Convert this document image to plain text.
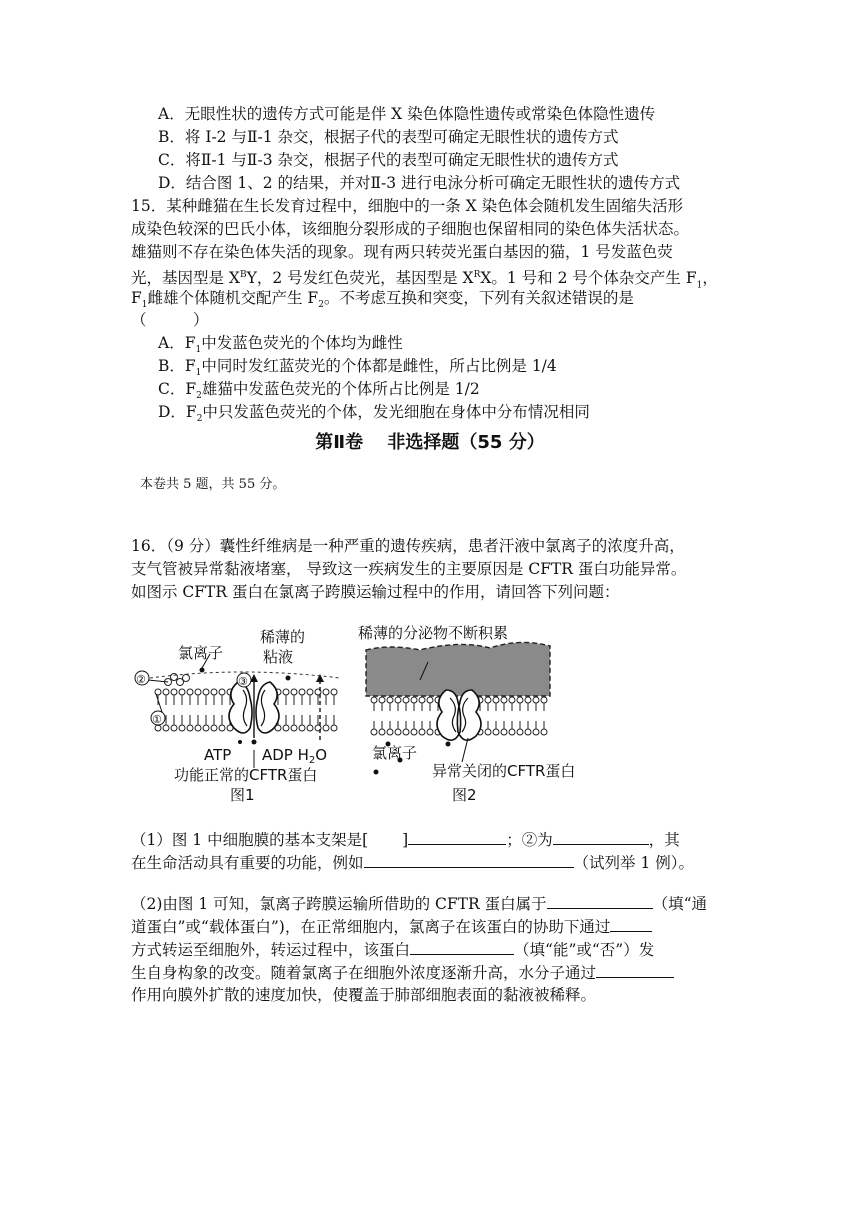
A．无眼性状的遗传方式可能是伴 X 染色体隐性遗传或常染色体隐性遗传
B．将 I-2 与Ⅱ-1 杂交，根据子代的表型可确定无眼性状的遗传方式
C．将Ⅱ-1 与Ⅱ-3 杂交，根据子代的表型可确定无眼性状的遗传方式
D．结合图 1、2 的结果，并对Ⅱ-3 进行电泳分析可确定无眼性状的遗传方式
15．某种雌猫在生长发育过程中，细胞中的一条 X 染色体会随机发生固缩失活形
成染色较深的巴氏小体，该细胞分裂形成的子细胞也保留相同的染色体失活状态。
雄猫则不存在染色体失活的现象。现有两只转荧光蛋白基因的猫，1 号发蓝色荧
光，基因型是 $X^BY$，2 号发红色荧光，基因型是 $X^RX$。1 号和 2 号个体杂交产生 $F_1$，
$F_1$雌雄个体随机交配产生 $F_2$。不考虑互换和突变，下列有关叙述错误的是
（　　　）
A．$F_1$中发蓝色荧光的个体均为雌性
B．$F_1$中同时发红蓝荧光的个体都是雌性，所占比例是 1/4
C．$F_2$雄猫中发蓝色荧光的个体所占比例是 1/2
D．$F_2$中只发蓝色荧光的个体，发光细胞在身体中分布情况相同
第Ⅱ卷　 非选择题（55 分）
本卷共 5 题，共 55 分。
16．（9 分）囊性纤维病是一种严重的遗传疾病，患者汗液中氯离子的浓度升高，
支气管被异常黏液堵塞， 导致这一疾病发生的主要原因是 CFTR 蛋白功能异常。
如图示 CFTR 蛋白在氯离子跨膜运输过程中的作用，请回答下列问题：
稀薄的
粘液
氯离子
②
①
③
ATP ADP $H_2O$
功能正常的CFTR蛋白
图1
稀薄的分泌物不断积累
氯离子
异常关闭的CFTR蛋白
图2
（1）图 1 中细胞膜的基本支架是[ ]	；②为	，其
在生命活动具有重要的功能，例如	（试列举 1 例）。
（2)由图 1 可知，氯离子跨膜运输所借助的 CFTR 蛋白属于	（填“通
道蛋白”或“载体蛋白”)，在正常细胞内，氯离子在该蛋白的协助下通过
方式转运至细胞外，转运过程中，该蛋白	（填“能”或“否”）发
生自身构象的改变。随着氯离子在细胞外浓度逐渐升高，水分子通过
作用向膜外扩散的速度加快，使覆盖于肺部细胞表面的黏液被稀释。
